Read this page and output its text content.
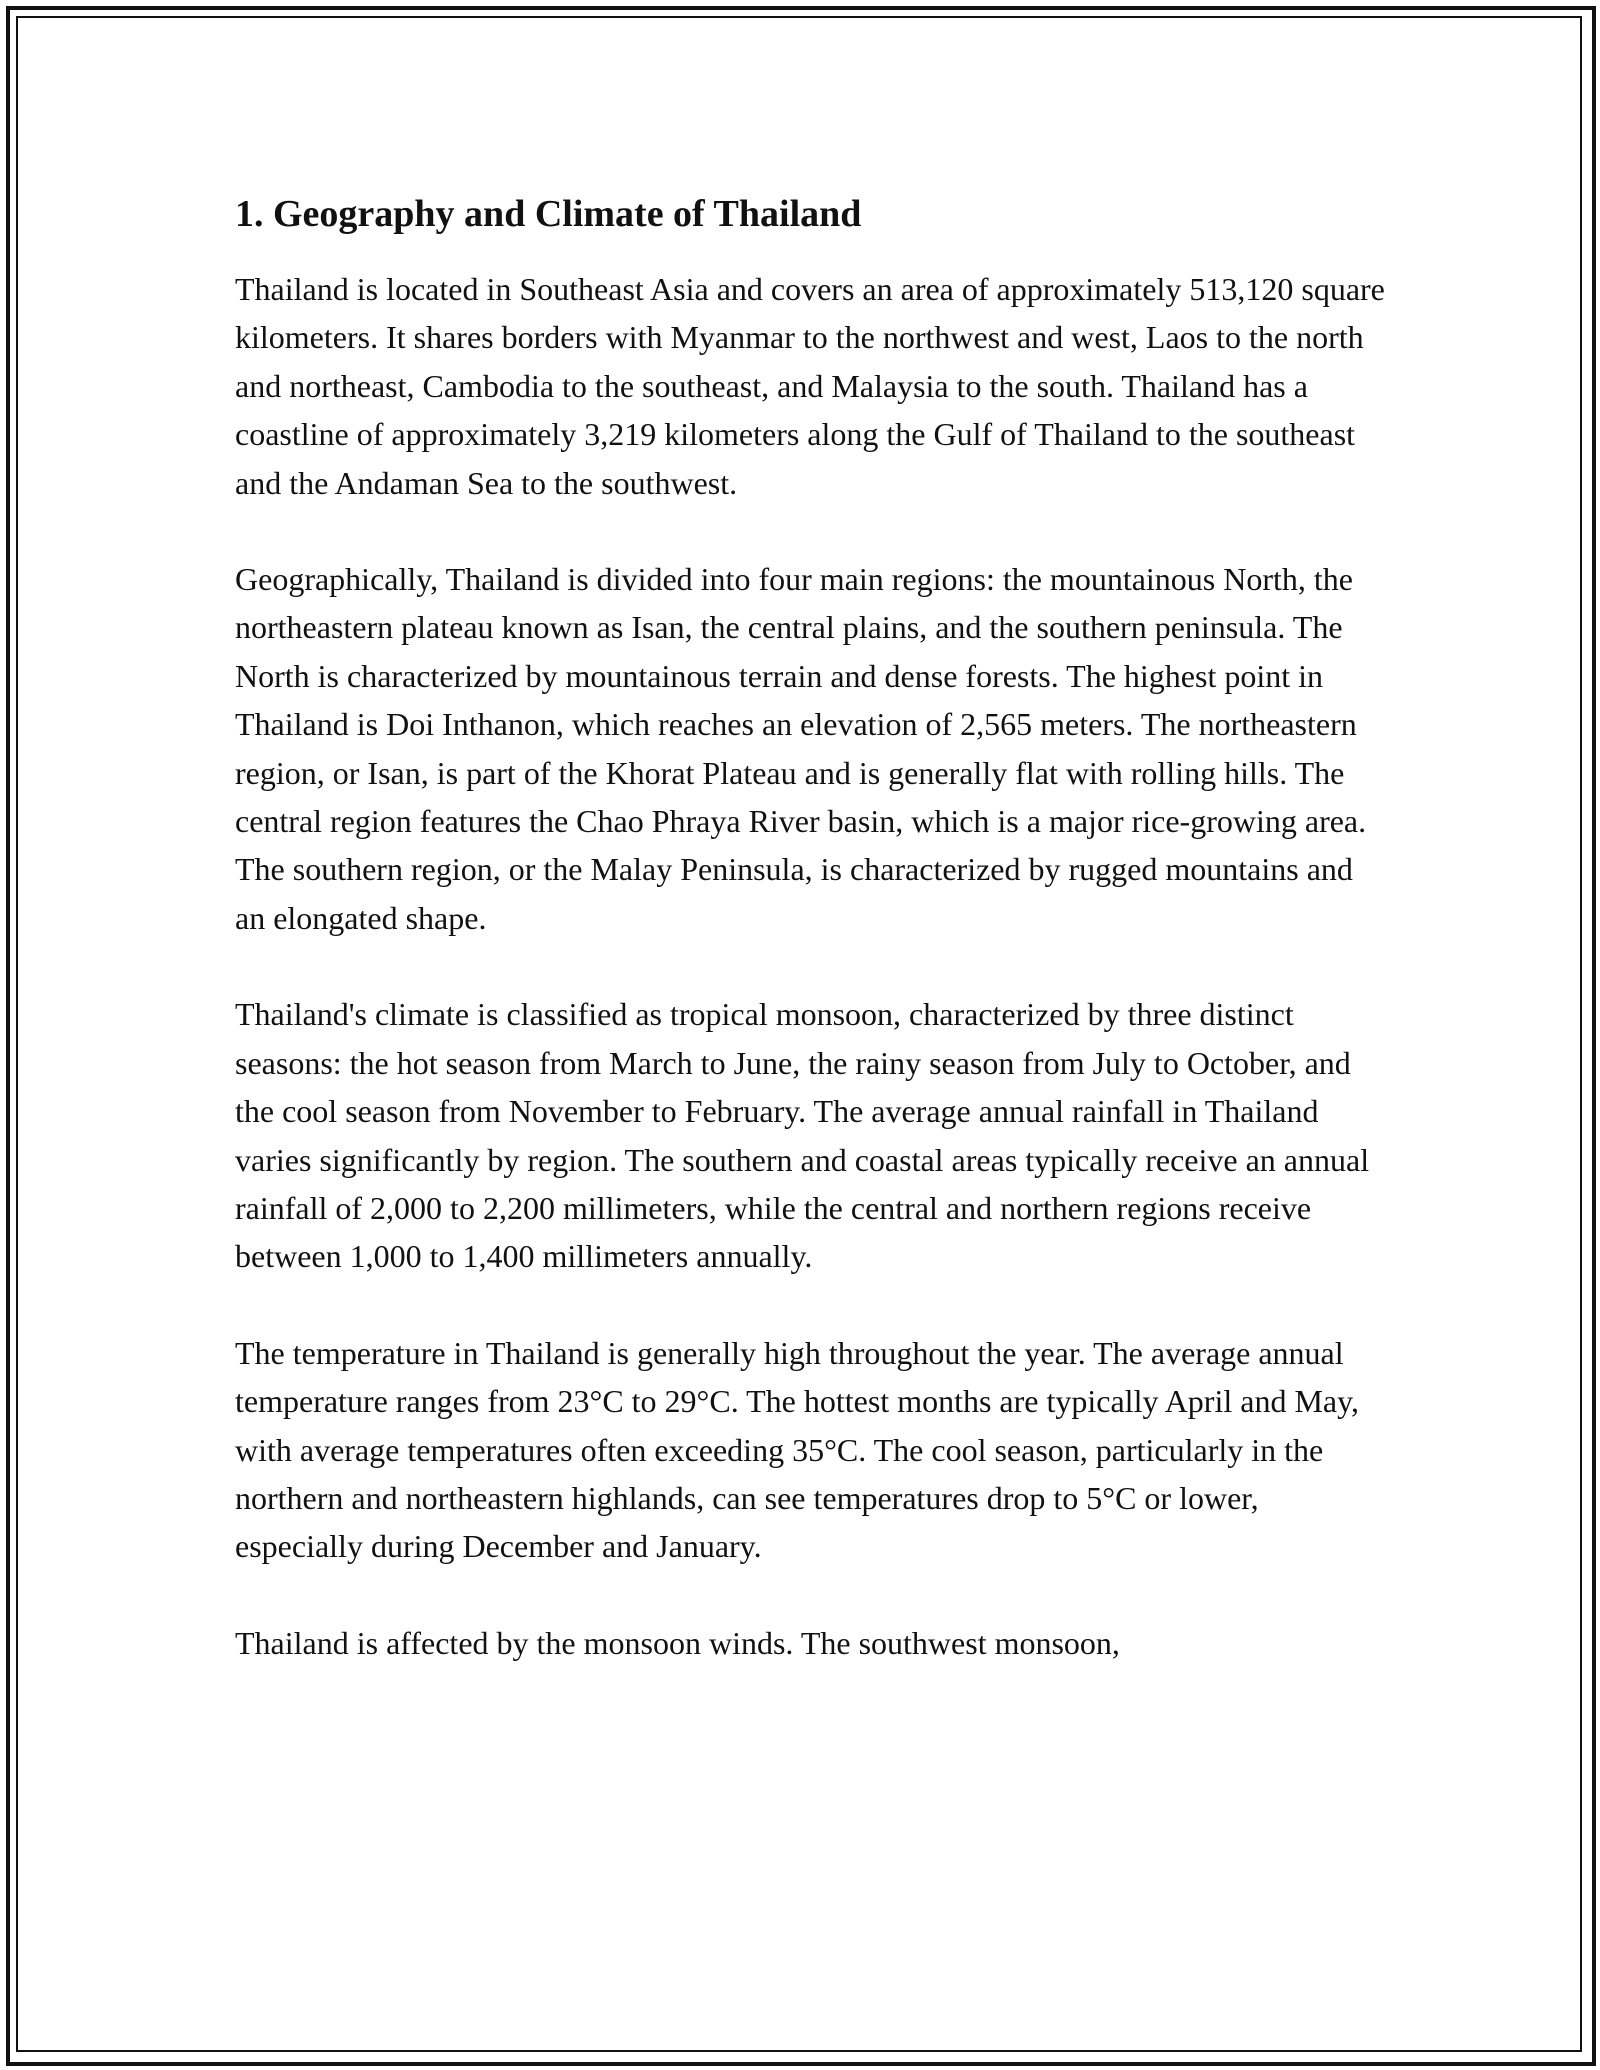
1. Geography and Climate of Thailand

Thailand is located in Southeast Asia and covers an area of approximately 513,120 square kilometers. It shares borders with Myanmar to the northwest and west, Laos to the north and northeast, Cambodia to the southeast, and Malaysia to the south. Thailand has a coastline of approximately 3,219 kilometers along the Gulf of Thailand to the southeast and the Andaman Sea to the southwest.

Geographically, Thailand is divided into four main regions: the mountainous North, the northeastern plateau known as Isan, the central plains, and the southern peninsula. The North is characterized by mountainous terrain and dense forests. The highest point in Thailand is Doi Inthanon, which reaches an elevation of 2,565 meters. The northeastern region, or Isan, is part of the Khorat Plateau and is generally flat with rolling hills. The central region features the Chao Phraya River basin, which is a major rice-growing area. The southern region, or the Malay Peninsula, is characterized by rugged mountains and an elongated shape.

Thailand's climate is classified as tropical monsoon, characterized by three distinct seasons: the hot season from March to June, the rainy season from July to October, and the cool season from November to February. The average annual rainfall in Thailand varies significantly by region. The southern and coastal areas typically receive an annual rainfall of 2,000 to 2,200 millimeters, while the central and northern regions receive between 1,000 to 1,400 millimeters annually.

The temperature in Thailand is generally high throughout the year. The average annual temperature ranges from 23°C to 29°C. The hottest months are typically April and May, with average temperatures often exceeding 35°C. The cool season, particularly in the northern and northeastern highlands, can see temperatures drop to 5°C or lower, especially during December and January.

Thailand is affected by the monsoon winds. The southwest monsoon,
